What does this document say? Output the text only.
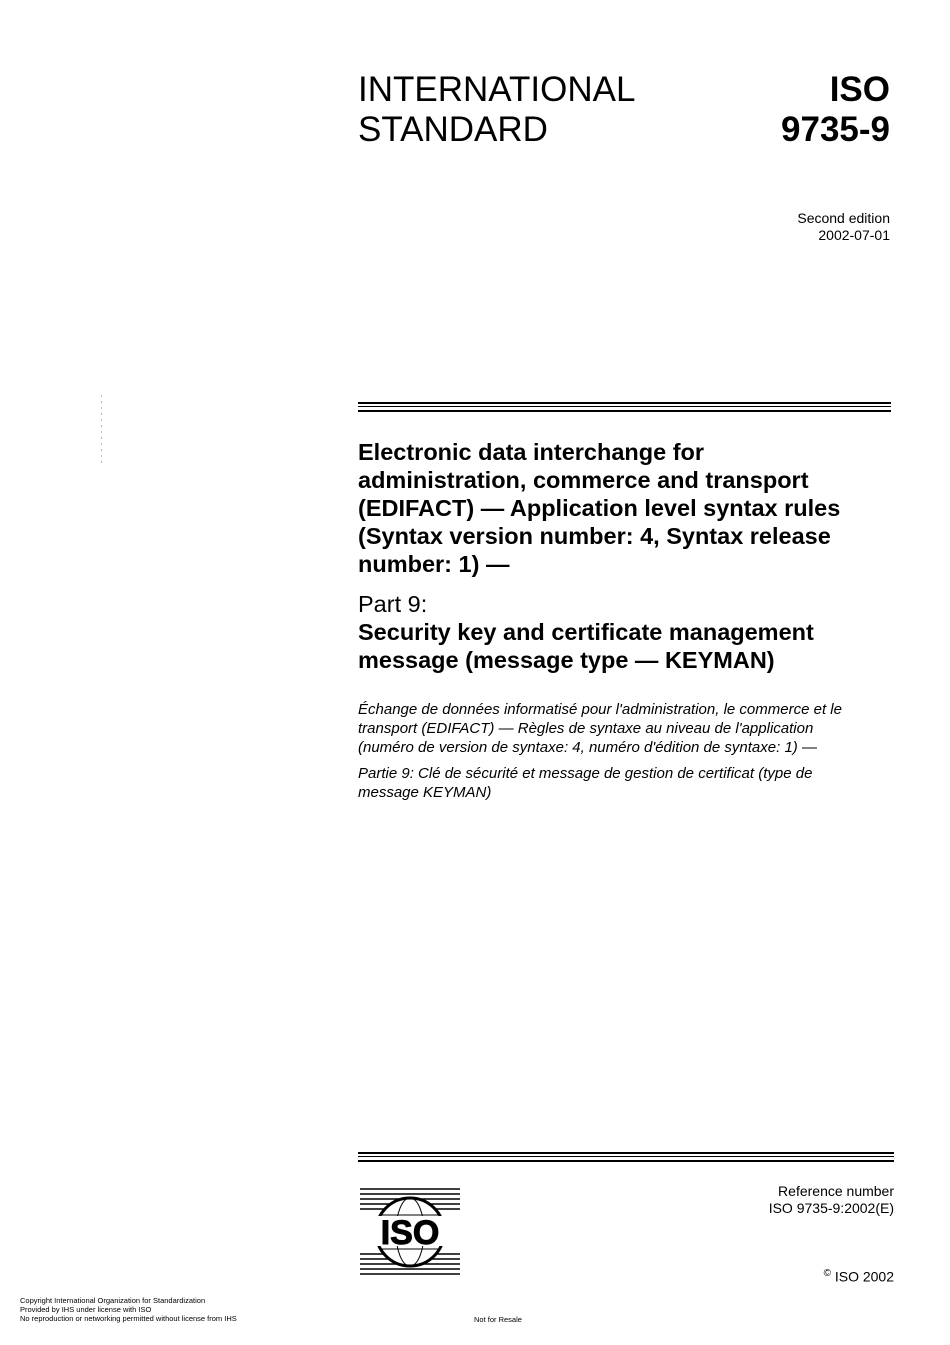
INTERNATIONAL
STANDARD
ISO
9735-9
Second edition
2002-07-01
Electronic data interchange for
administration, commerce and transport
(EDIFACT) — Application level syntax rules
(Syntax version number: 4, Syntax release
number: 1) —
Part 9:
Security key and certificate management
message (message type — KEYMAN)
Échange de données informatisé pour l'administration, le commerce et le
transport (EDIFACT) — Règles de syntaxe au niveau de l'application
(numéro de version de syntaxe: 4, numéro d'édition de syntaxe: 1) —
Partie 9: Clé de sécurité et message de gestion de certificat (type de
message KEYMAN)
ISO
Reference number
ISO 9735-9:2002(E)
© ISO 2002
Copyright International Organization for Standardization
Provided by IHS under license with ISO
No reproduction or networking permitted without license from IHS	Not for Resale
